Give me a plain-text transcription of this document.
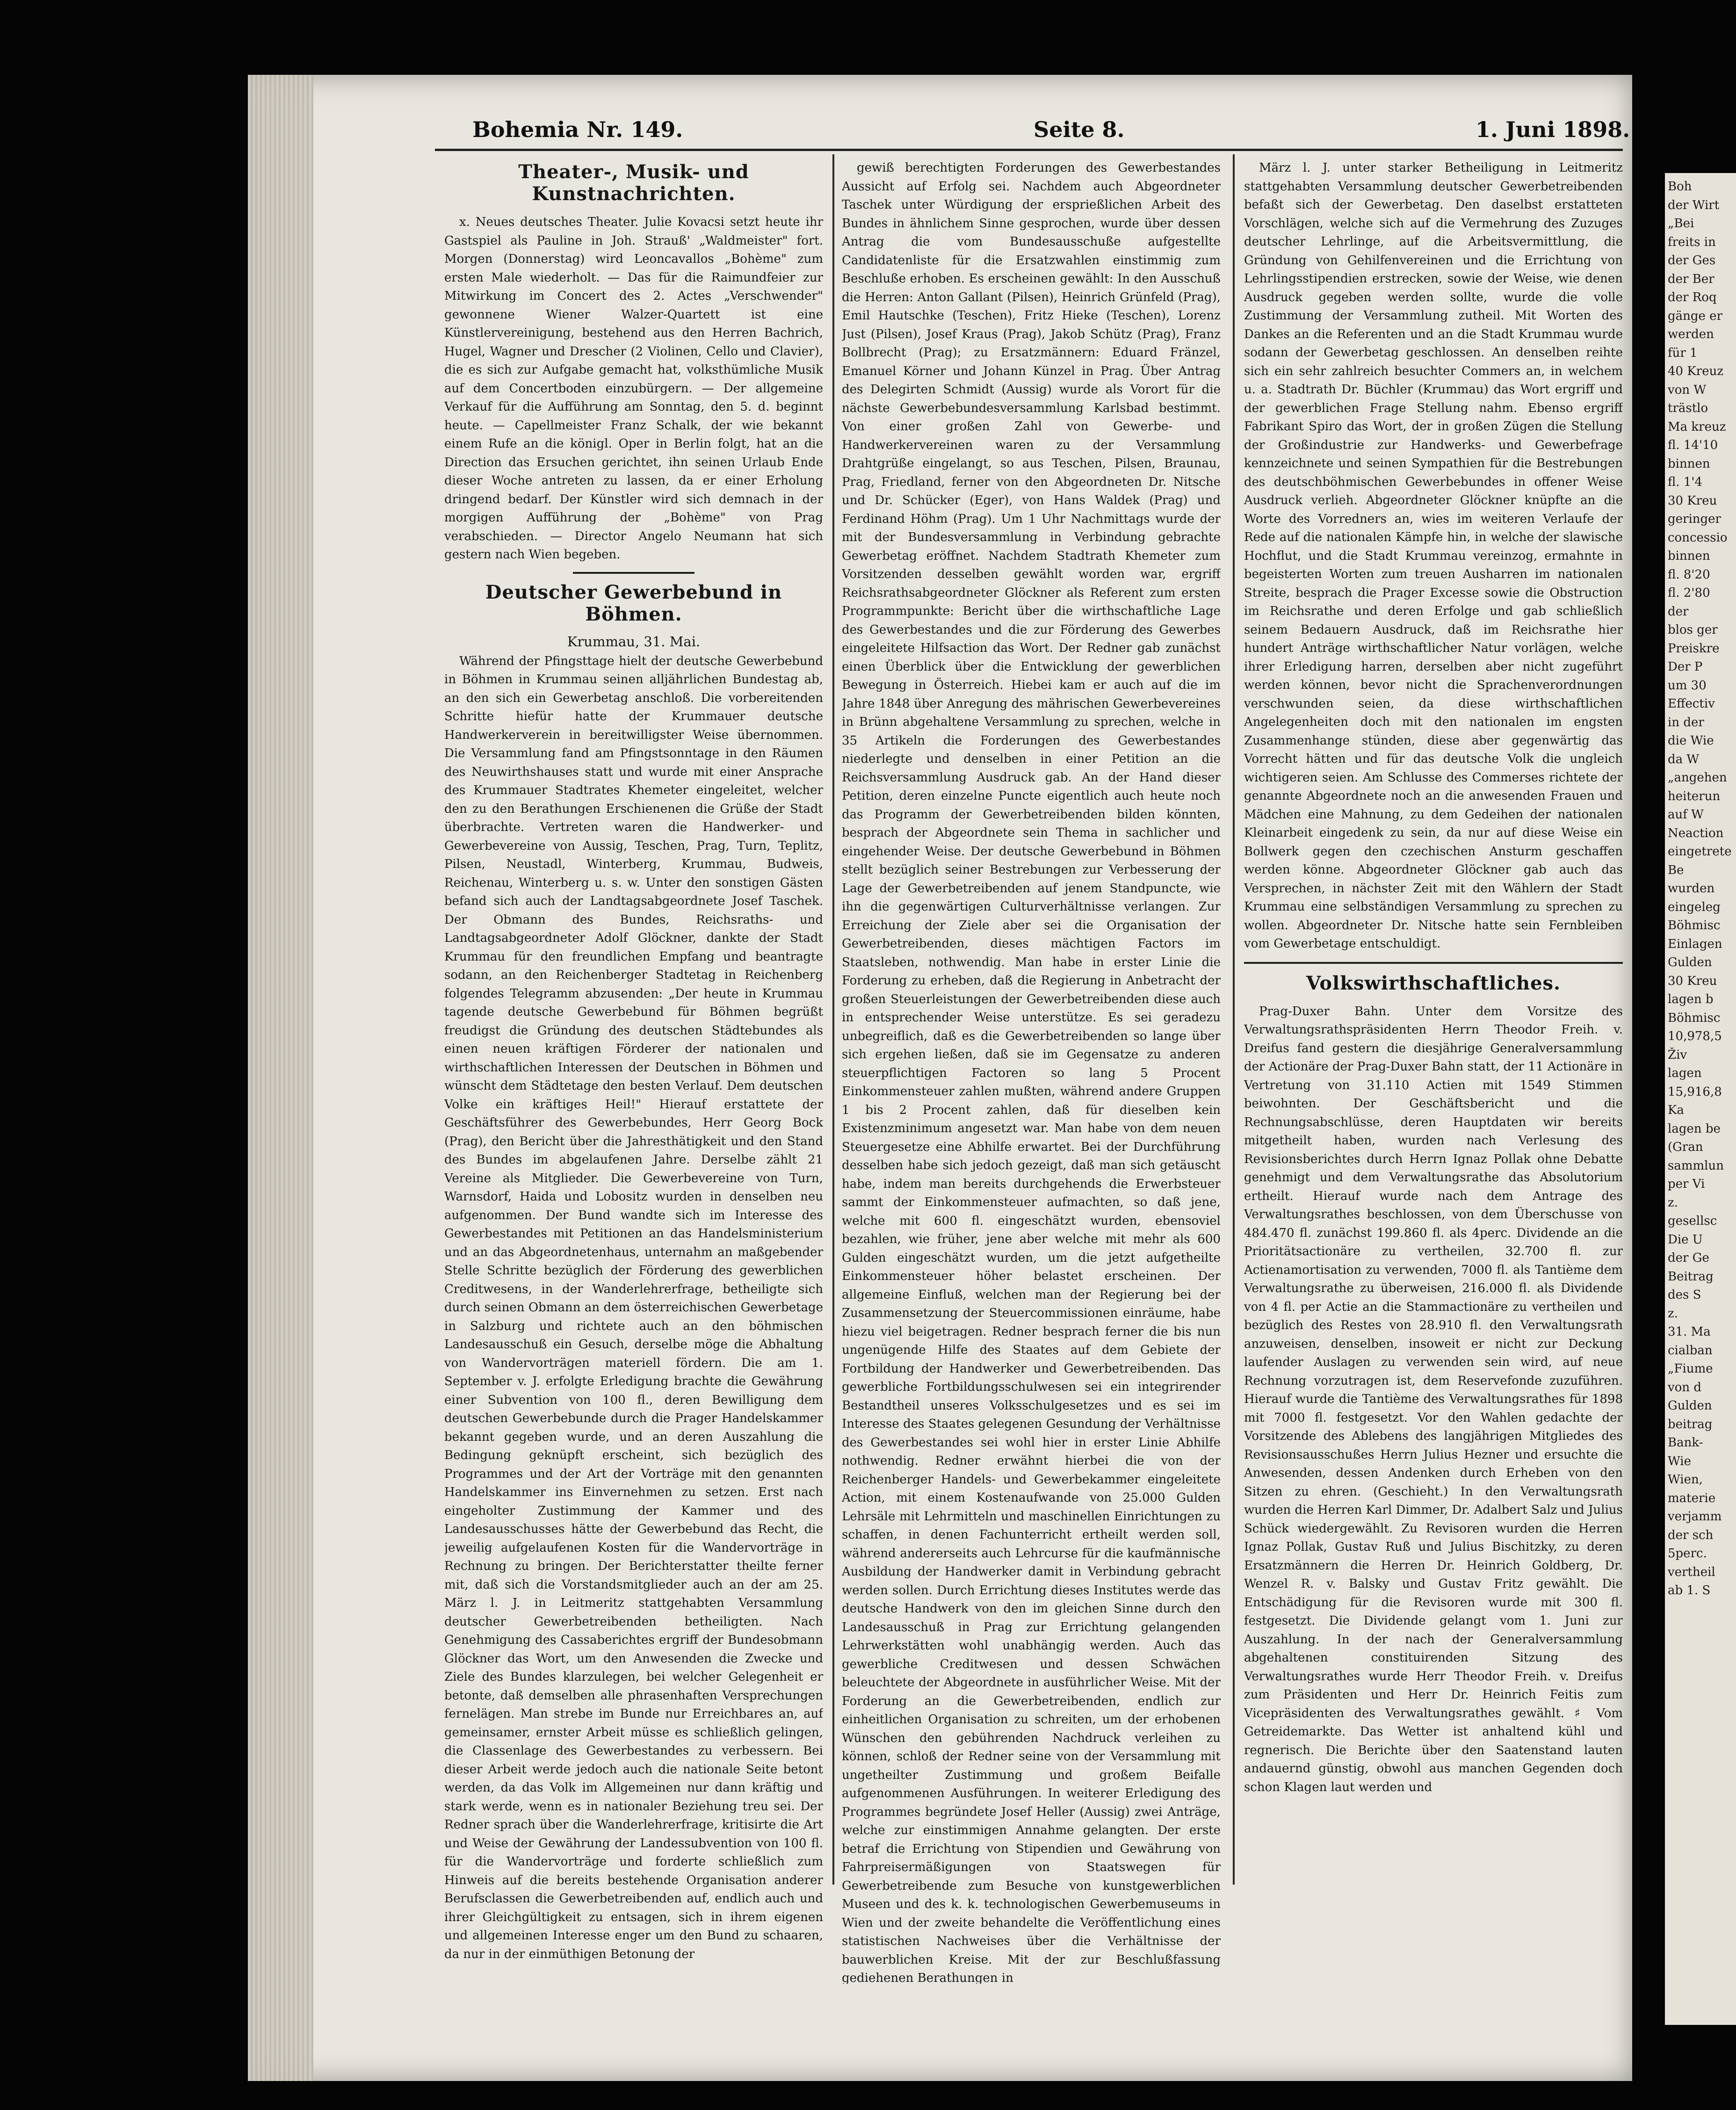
Boh
der Wirt
„Bei
freits in
der Ges
der Ber
der Roq
gänge er
werden
für 1
40 Kreuz
von W
trästlo
Ma kreuz
fl. 14'10
binnen
fl. 1'4
30 Kreu
geringer
concessio
binnen
fl. 8'20
fl. 2'80
der
blos ger
Preiskre
Der P
um 30
Effectiv
in der
die Wie
da W
„angehen
heiterun
auf W
Neaction
eingetrete
Be
wurden
eingeleg
Böhmisc
Einlagen
Gulden
30 Kreu
lagen b
Böhmisc
10,978,5
Živ
lagen
15,916,8
Ka
lagen be
(Gran
sammlun
per Vi
z.
gesellsc
Die U
der Ge
Beitrag
des S
z.
31. Ma
cialban
„Fiume
von d
Gulden
beitrag
Bank-
Wie
Wien,
materie
verjamm
der sch
5perc.
vertheil
ab 1. S
Bohemia Nr. 149.	Seite 8.	1. Juni 1898.
Theater-, Musik- und Kunstnachrichten.

x. Neues deutsches Theater. Julie Kovacsi setzt heute ihr Gastspiel als Pauline in Joh. Strauß' „Waldmeister" fort. Morgen (Donnerstag) wird Leoncavallos „Bohème" zum ersten Male wiederholt. — Das für die Raimundfeier zur Mitwirkung im Concert des 2. Actes „Verschwender" gewonnene Wiener Walzer-Quartett ist eine Künstlervereinigung, bestehend aus den Herren Bachrich, Hugel, Wagner und Drescher (2 Violinen, Cello und Clavier), die es sich zur Aufgabe gemacht hat, volksthümliche Musik auf dem Concertboden einzubürgern. — Der allgemeine Verkauf für die Aufführung am Sonntag, den 5. d. beginnt heute. — Capellmeister Franz Schalk, der wie bekannt einem Rufe an die königl. Oper in Berlin folgt, hat an die Direction das Ersuchen gerichtet, ihn seinen Urlaub Ende dieser Woche antreten zu lassen, da er einer Erholung dringend bedarf. Der Künstler wird sich demnach in der morgigen Aufführung der „Bohème" von Prag verabschieden. — Director Angelo Neumann hat sich gestern nach Wien begeben.

Deutscher Gewerbebund in Böhmen.
Krummau, 31. Mai.

Während der Pfingsttage hielt der deutsche Gewerbebund in Böhmen in Krummau seinen alljährlichen Bundestag ab, an den sich ein Gewerbetag anschloß. Die vorbereitenden Schritte hiefür hatte der Krummauer deutsche Handwerkerverein in bereitwilligster Weise übernommen. Die Versammlung fand am Pfingstsonntage in den Räumen des Neuwirthshauses statt und wurde mit einer Ansprache des Krummauer Stadtrates Khemeter eingeleitet, welcher den zu den Berathungen Erschienenen die Grüße der Stadt überbrachte. Vertreten waren die Handwerker- und Gewerbevereine von Aussig, Teschen, Prag, Turn, Teplitz, Pilsen, Neustadl, Winterberg, Krummau, Budweis, Reichenau, Winterberg u. s. w. Unter den sonstigen Gästen befand sich auch der Landtagsabgeordnete Josef Taschek. Der Obmann des Bundes, Reichsraths- und Landtagsabgeordneter Adolf Glöckner, dankte der Stadt Krummau für den freundlichen Empfang und beantragte sodann, an den Reichenberger Stadtetag in Reichenberg folgendes Telegramm abzusenden: „Der heute in Krummau tagende deutsche Gewerbebund für Böhmen begrüßt freudigst die Gründung des deutschen Städtebundes als einen neuen kräftigen Förderer der nationalen und wirthschaftlichen Interessen der Deutschen in Böhmen und wünscht dem Städtetage den besten Verlauf. Dem deutschen Volke ein kräftiges Heil!" Hierauf erstattete der Geschäftsführer des Gewerbebundes, Herr Georg Bock (Prag), den Bericht über die Jahresthätigkeit und den Stand des Bundes im abgelaufenen Jahre. Derselbe zählt 21 Vereine als Mitglieder. Die Gewerbevereine von Turn, Warnsdorf, Haida und Lobositz wurden in denselben neu aufgenommen. Der Bund wandte sich im Interesse des Gewerbestandes mit Petitionen an das Handelsministerium und an das Abgeordnetenhaus, unternahm an maßgebender Stelle Schritte bezüglich der Förderung des gewerblichen Creditwesens, in der Wanderlehrerfrage, betheiligte sich durch seinen Obmann an dem österreichischen Gewerbetage in Salzburg und richtete auch an den böhmischen Landesausschuß ein Gesuch, derselbe möge die Abhaltung von Wandervorträgen materiell fördern. Die am 1. September v. J. erfolgte Erledigung brachte die Gewährung einer Subvention von 100 fl., deren Bewilligung dem deutschen Gewerbebunde durch die Prager Handelskammer bekannt gegeben wurde, und an deren Auszahlung die Bedingung geknüpft erscheint, sich bezüglich des Programmes und der Art der Vorträge mit den genannten Handelskammer ins Einvernehmen zu setzen. Erst nach eingeholter Zustimmung der Kammer und des Landesausschusses hätte der Gewerbebund das Recht, die jeweilig aufgelaufenen Kosten für die Wandervorträge in Rechnung zu bringen. Der Berichterstatter theilte ferner mit, daß sich die Vorstandsmitglieder auch an der am 25. März l. J. in Leitmeritz stattgehabten Versammlung deutscher Gewerbetreibenden betheiligten. Nach Genehmigung des Cassaberichtes ergriff der Bundesobmann Glöckner das Wort, um den Anwesenden die Zwecke und Ziele des Bundes klarzulegen, bei welcher Gelegenheit er betonte, daß demselben alle phrasenhaften Versprechungen fernelägen. Man strebe im Bunde nur Erreichbares an, auf gemeinsamer, ernster Arbeit müsse es schließlich gelingen, die Classenlage des Gewerbestandes zu verbessern. Bei dieser Arbeit werde jedoch auch die nationale Seite betont werden, da das Volk im Allgemeinen nur dann kräftig und stark werde, wenn es in nationaler Beziehung treu sei. Der Redner sprach über die Wanderlehrerfrage, kritisirte die Art und Weise der Gewährung der Landessubvention von 100 fl. für die Wandervorträge und forderte schließlich zum Hinweis auf die bereits bestehende Organisation anderer Berufsclassen die Gewerbetreibenden auf, endlich auch und ihrer Gleichgültigkeit zu entsagen, sich in ihrem eigenen und allgemeinen Interesse enger um den Bund zu schaaren, da nur in der einmüthigen Betonung der

gewiß berechtigten Forderungen des Gewerbestandes Aussicht auf Erfolg sei. Nachdem auch Abgeordneter Taschek unter Würdigung der ersprießlichen Arbeit des Bundes in ähnlichem Sinne gesprochen, wurde über dessen Antrag die vom Bundesausschuße aufgestellte Candidatenliste für die Ersatzwahlen einstimmig zum Beschluße erhoben. Es erscheinen gewählt: In den Ausschuß die Herren: Anton Gallant (Pilsen), Heinrich Grünfeld (Prag), Emil Hautschke (Teschen), Fritz Hieke (Teschen), Lorenz Just (Pilsen), Josef Kraus (Prag), Jakob Schütz (Prag), Franz Bollbrecht (Prag); zu Ersatzmännern: Eduard Fränzel, Emanuel Körner und Johann Künzel in Prag. Über Antrag des Delegirten Schmidt (Aussig) wurde als Vorort für die nächste Gewerbebundesversammlung Karlsbad bestimmt. Von einer großen Zahl von Gewerbe- und Handwerkervereinen waren zu der Versammlung Drahtgrüße eingelangt, so aus Teschen, Pilsen, Braunau, Prag, Friedland, ferner von den Abgeordneten Dr. Nitsche und Dr. Schücker (Eger), von Hans Waldek (Prag) und Ferdinand Höhm (Prag). Um 1 Uhr Nachmittags wurde der mit der Bundesversammlung in Verbindung gebrachte Gewerbetag eröffnet. Nachdem Stadtrath Khemeter zum Vorsitzenden desselben gewählt worden war, ergriff Reichsrathsabgeordneter Glöckner als Referent zum ersten Programmpunkte: Bericht über die wirthschaftliche Lage des Gewerbestandes und die zur Förderung des Gewerbes eingeleitete Hilfsaction das Wort. Der Redner gab zunächst einen Überblick über die Entwicklung der gewerblichen Bewegung in Österreich. Hiebei kam er auch auf die im Jahre 1848 über Anregung des mährischen Gewerbevereines in Brünn abgehaltene Versammlung zu sprechen, welche in 35 Artikeln die Forderungen des Gewerbestandes niederlegte und denselben in einer Petition an die Reichsversammlung Ausdruck gab. An der Hand dieser Petition, deren einzelne Puncte eigentlich auch heute noch das Programm der Gewerbetreibenden bilden könnten, besprach der Abgeordnete sein Thema in sachlicher und eingehender Weise. Der deutsche Gewerbebund in Böhmen stellt bezüglich seiner Bestrebungen zur Verbesserung der Lage der Gewerbetreibenden auf jenem Standpuncte, wie ihn die gegenwärtigen Culturverhältnisse verlangen. Zur Erreichung der Ziele aber sei die Organisation der Gewerbetreibenden, dieses mächtigen Factors im Staatsleben, nothwendig. Man habe in erster Linie die Forderung zu erheben, daß die Regierung in Anbetracht der großen Steuerleistungen der Gewerbetreibenden diese auch in entsprechender Weise unterstütze. Es sei geradezu unbegreiflich, daß es die Gewerbetreibenden so lange über sich ergehen ließen, daß sie im Gegensatze zu anderen steuerpflichtigen Factoren so lang 5 Procent Einkommensteuer zahlen mußten, während andere Gruppen 1 bis 2 Procent zahlen, daß für dieselben kein Existenzminimum angesetzt war. Man habe von dem neuen Steuergesetze eine Abhilfe erwartet. Bei der Durchführung desselben habe sich jedoch gezeigt, daß man sich getäuscht habe, indem man bereits durchgehends die Erwerbsteuer sammt der Einkommensteuer aufmachten, so daß jene, welche mit 600 fl. eingeschätzt wurden, ebensoviel bezahlen, wie früher, jene aber welche mit mehr als 600 Gulden eingeschätzt wurden, um die jetzt aufgetheilte Einkommensteuer höher belastet erscheinen. Der allgemeine Einfluß, welchen man der Regierung bei der Zusammensetzung der Steuercommissionen einräume, habe hiezu viel beigetragen. Redner besprach ferner die bis nun ungenügende Hilfe des Staates auf dem Gebiete der Fortbildung der Handwerker und Gewerbetreibenden. Das gewerbliche Fortbildungsschulwesen sei ein integrirender Bestandtheil unseres Volksschulgesetzes und es sei im Interesse des Staates gelegenen Gesundung der Verhältnisse des Gewerbestandes sei wohl hier in erster Linie Abhilfe nothwendig. Redner erwähnt hierbei die von der Reichenberger Handels- und Gewerbekammer eingeleitete Action, mit einem Kostenaufwande von 25.000 Gulden Lehrsäle mit Lehrmitteln und maschinellen Einrichtungen zu schaffen, in denen Fachunterricht ertheilt werden soll, während andererseits auch Lehrcurse für die kaufmännische Ausbildung der Handwerker damit in Verbindung gebracht werden sollen. Durch Errichtung dieses Institutes werde das deutsche Handwerk von den im gleichen Sinne durch den Landesausschuß in Prag zur Errichtung gelangenden Lehrwerkstätten wohl unabhängig werden. Auch das gewerbliche Creditwesen und dessen Schwächen beleuchtete der Abgeordnete in ausführlicher Weise. Mit der Forderung an die Gewerbetreibenden, endlich zur einheitlichen Organisation zu schreiten, um der erhobenen Wünschen den gebührenden Nachdruck verleihen zu können, schloß der Redner seine von der Versammlung mit ungetheilter Zustimmung und großem Beifalle aufgenommenen Ausführungen. In weiterer Erledigung des Programmes begründete Josef Heller (Aussig) zwei Anträge, welche zur einstimmigen Annahme gelangten. Der erste betraf die Errichtung von Stipendien und Gewährung von Fahrpreisermäßigungen von Staatswegen für Gewerbetreibende zum Besuche von kunstgewerblichen Museen und des k. k. technologischen Gewerbemuseums in Wien und der zweite behandelte die Veröffentlichung eines statistischen Nachweises über die Verhältnisse der bauwerblichen Kreise. Mit der zur Beschlußfassung gediehenen Berathungen in

März l. J. unter starker Betheiligung in Leitmeritz stattgehabten Versammlung deutscher Gewerbetreibenden befaßt sich der Gewerbetag. Den daselbst erstatteten Vorschlägen, welche sich auf die Vermehrung des Zuzuges deutscher Lehrlinge, auf die Arbeitsvermittlung, die Gründung von Gehilfenvereinen und die Errichtung von Lehrlingsstipendien erstrecken, sowie der Weise, wie denen Ausdruck gegeben werden sollte, wurde die volle Zustimmung der Versammlung zutheil. Mit Worten des Dankes an die Referenten und an die Stadt Krummau wurde sodann der Gewerbetag geschlossen. An denselben reihte sich ein sehr zahlreich besuchter Commers an, in welchem u. a. Stadtrath Dr. Büchler (Krummau) das Wort ergriff und der gewerblichen Frage Stellung nahm. Ebenso ergriff Fabrikant Spiro das Wort, der in großen Zügen die Stellung der Großindustrie zur Handwerks- und Gewerbefrage kennzeichnete und seinen Sympathien für die Bestrebungen des deutschböhmischen Gewerbebundes in offener Weise Ausdruck verlieh. Abgeordneter Glöckner knüpfte an die Worte des Vorredners an, wies im weiteren Verlaufe der Rede auf die nationalen Kämpfe hin, in welche der slawische Hochflut, und die Stadt Krummau vereinzog, ermahnte in begeisterten Worten zum treuen Ausharren im nationalen Streite, besprach die Prager Excesse sowie die Obstruction im Reichsrathe und deren Erfolge und gab schließlich seinem Bedauern Ausdruck, daß im Reichsrathe hier hundert Anträge wirthschaftlicher Natur vorlägen, welche ihrer Erledigung harren, derselben aber nicht zugeführt werden können, bevor nicht die Sprachenverordnungen verschwunden seien, da diese wirthschaftlichen Angelegenheiten doch mit den nationalen im engsten Zusammenhange stünden, diese aber gegenwärtig das Vorrecht hätten und für das deutsche Volk die ungleich wichtigeren seien. Am Schlusse des Commerses richtete der genannte Abgeordnete noch an die anwesenden Frauen und Mädchen eine Mahnung, zu dem Gedeihen der nationalen Kleinarbeit eingedenk zu sein, da nur auf diese Weise ein Bollwerk gegen den czechischen Ansturm geschaffen werden könne. Abgeordneter Glöckner gab auch das Versprechen, in nächster Zeit mit den Wählern der Stadt Krummau eine selbständigen Versammlung zu sprechen zu wollen. Abgeordneter Dr. Nitsche hatte sein Fernbleiben vom Gewerbetage entschuldigt.

Volkswirthschaftliches.

Prag-Duxer Bahn. Unter dem Vorsitze des Verwaltungsrathspräsidenten Herrn Theodor Freih. v. Dreifus fand gestern die diesjährige Generalversammlung der Actionäre der Prag-Duxer Bahn statt, der 11 Actionäre in Vertretung von 31.110 Actien mit 1549 Stimmen beiwohnten. Der Geschäftsbericht und die Rechnungsabschlüsse, deren Hauptdaten wir bereits mitgetheilt haben, wurden nach Verlesung des Revisionsberichtes durch Herrn Ignaz Pollak ohne Debatte genehmigt und dem Verwaltungsrathe das Absolutorium ertheilt. Hierauf wurde nach dem Antrage des Verwaltungsrathes beschlossen, von dem Überschusse von 484.470 fl. zunächst 199.860 fl. als 4perc. Dividende an die Prioritätsactionäre zu vertheilen, 32.700 fl. zur Actienamortisation zu verwenden, 7000 fl. als Tantième dem Verwaltungsrathe zu überweisen, 216.000 fl. als Dividende von 4 fl. per Actie an die Stammactionäre zu vertheilen und bezüglich des Restes von 28.910 fl. den Verwaltungsrath anzuweisen, denselben, insoweit er nicht zur Deckung laufender Auslagen zu verwenden sein wird, auf neue Rechnung vorzutragen ist, dem Reservefonde zuzuführen. Hierauf wurde die Tantième des Verwaltungsrathes für 1898 mit 7000 fl. festgesetzt. Vor den Wahlen gedachte der Vorsitzende des Ablebens des langjährigen Mitgliedes des Revisionsausschußes Herrn Julius Hezner und ersuchte die Anwesenden, dessen Andenken durch Erheben von den Sitzen zu ehren. (Geschieht.) In den Verwaltungsrath wurden die Herren Karl Dimmer, Dr. Adalbert Salz und Julius Schück wiedergewählt. Zu Revisoren wurden die Herren Ignaz Pollak, Gustav Ruß und Julius Bischitzky, zu deren Ersatzmännern die Herren Dr. Heinrich Goldberg, Dr. Wenzel R. v. Balsky und Gustav Fritz gewählt. Die Entschädigung für die Revisoren wurde mit 300 fl. festgesetzt. Die Dividende gelangt vom 1. Juni zur Auszahlung. In der nach der Generalversammlung abgehaltenen constituirenden Sitzung des Verwaltungsrathes wurde Herr Theodor Freih. v. Dreifus zum Präsidenten und Herr Dr. Heinrich Feitis zum Vicepräsidenten des Verwaltungsrathes gewählt. ♯ Vom Getreidemarkte. Das Wetter ist anhaltend kühl und regnerisch. Die Berichte über den Saatenstand lauten andauernd günstig, obwohl aus manchen Gegenden doch schon Klagen laut werden und
